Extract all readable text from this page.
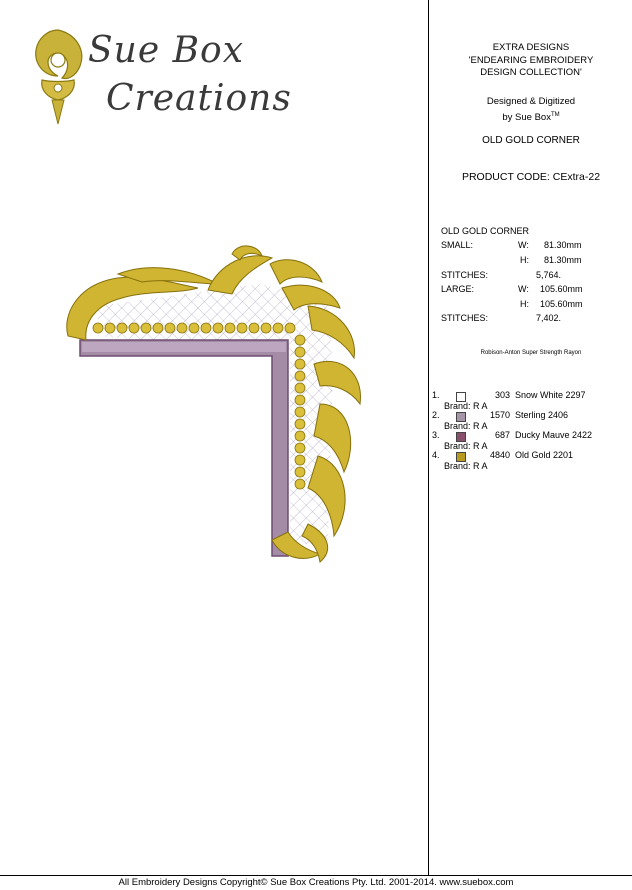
Sue Box
Creations
EXTRA DESIGNS
'ENDEARING EMBROIDERY
DESIGN COLLECTION'
Designed & Digitized
by Sue Box™
OLD GOLD CORNER
PRODUCT CODE: CExtra-22
OLD GOLD CORNER
SMALL:	W: 81.30mm
H: 81.30mm
STITCHES:	5,764.
LARGE:	W: 105.60mm
H: 105.60mm
STITCHES:	7,402.
Robison-Anton Super Strength Rayon
1.	303 Snow White 2297
Brand: R A
2.	1570 Sterling 2406
Brand: R A
3.	687 Ducky Mauve 2422
Brand: R A
4.	4840 Old Gold 2201
Brand: R A
All Embroidery Designs Copyright© Sue Box Creations Pty. Ltd. 2001-2014. www.suebox.com
